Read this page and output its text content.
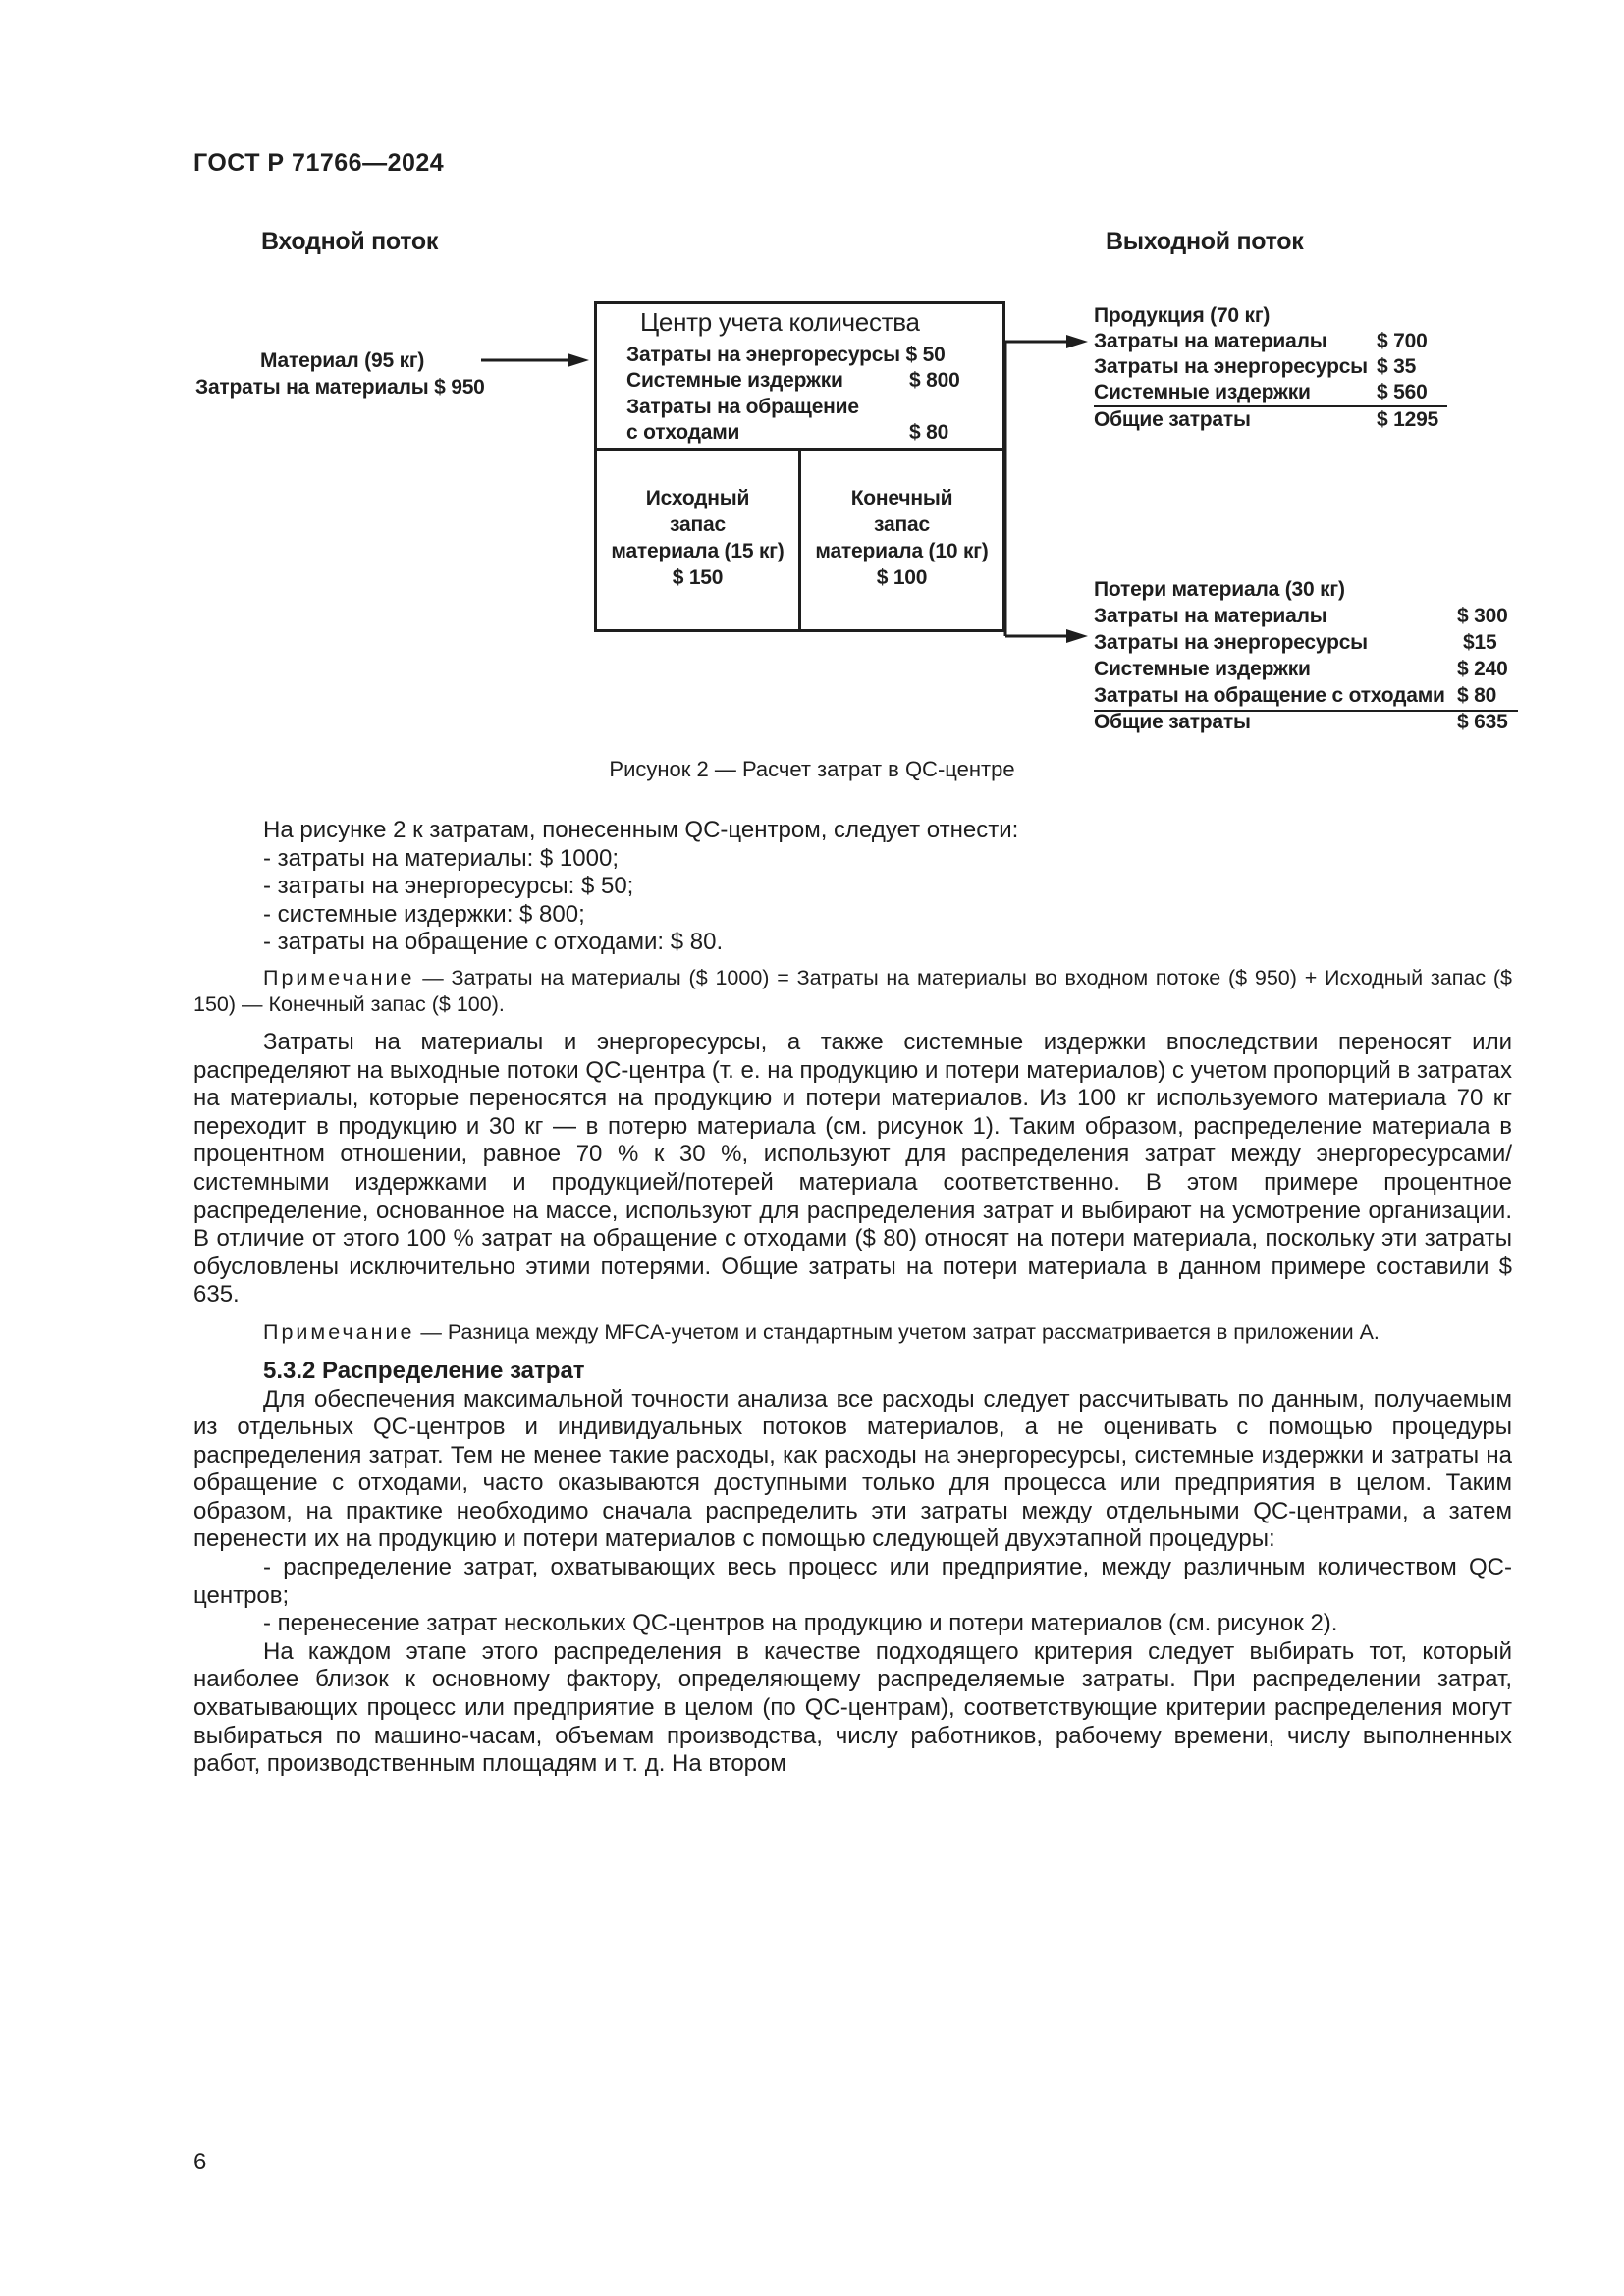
ГОСТ Р 71766—2024
Входной поток	Выходной поток
Материал (95 кг)
Затраты на материалы $ 950
Центр учета количества
Затраты на энергоресурсы $ 50
Системные издержки	$ 800
Затраты на обращение
с отходами	$ 80
Исходный
запас
материала (15 кг)
$ 150
Конечный
запас
материала (10 кг)
$ 100
Продукция (70 кг)
Затраты на материалы $ 700
Затраты на энергоресурсы $ 35
Системные издержки	$ 560
Общие затраты	$ 1295
Потери материала (30 кг)
Затраты на материалы	$ 300
Затраты на энергоресурсы	$15
Системные издержки	$ 240
Затраты на обращение с отходами $ 80
Общие затраты	$ 635
Рисунок 2 — Расчет затрат в QC-центре

На рисунке 2 к затратам, понесенным QC-центром, следует отнести:

- затраты на материалы: $ 1000;

- затраты на энергоресурсы: $ 50;

- системные издержки: $ 800;

- затраты на обращение с отходами: $ 80.

Примечание — Затраты на материалы ($ 1000) = Затраты на материалы во входном потоке ($ 950) + Исходный запас ($ 150) — Конечный запас ($ 100).

Затраты на материалы и энергоресурсы, а также системные издержки впоследствии переносят или распределяют на выходные потоки QC-центра (т. е. на продукцию и потери материалов) с учетом пропорций в затратах на материалы, которые переносятся на продукцию и потери материалов. Из 100 кг используемого материала 70 кг переходит в продукцию и 30 кг — в потерю материала (см. рисунок 1). Таким образом, распределение материала в процентном отношении, равное 70 % к 30 %, используют для распределения затрат между энергоресурсами/системными издержками и продукцией/потерей материала соответственно. В этом примере процентное распределение, основанное на массе, используют для распределения затрат и выбирают на усмотрение организации. В отличие от этого 100 % затрат на обращение с отходами ($ 80) относят на потери материала, поскольку эти затраты обусловлены исключительно этими потерями. Общие затраты на потери материала в данном примере составили $ 635.

Примечание — Разница между MFCA-учетом и стандартным учетом затрат рассматривается в приложении А.

5.3.2 Распределение затрат

Для обеспечения максимальной точности анализа все расходы следует рассчитывать по данным, получаемым из отдельных QC-центров и индивидуальных потоков материалов, а не оценивать с помощью процедуры распределения затрат. Тем не менее такие расходы, как расходы на энергоресурсы, системные издержки и затраты на обращение с отходами, часто оказываются доступными только для процесса или предприятия в целом. Таким образом, на практике необходимо сначала распределить эти затраты между отдельными QC-центрами, а затем перенести их на продукцию и потери материалов с помощью следующей двухэтапной процедуры:

- распределение затрат, охватывающих весь процесс или предприятие, между различным количеством QC-центров;

- перенесение затрат нескольких QC-центров на продукцию и потери материалов (см. рисунок 2).

На каждом этапе этого распределения в качестве подходящего критерия следует выбирать тот, который наиболее близок к основному фактору, определяющему распределяемые затраты. При распределении затрат, охватывающих процесс или предприятие в целом (по QC-центрам), соответствующие критерии распределения могут выбираться по машино-часам, объемам производства, числу работников, рабочему времени, числу выполненных работ, производственным площадям и т. д. На втором

6
